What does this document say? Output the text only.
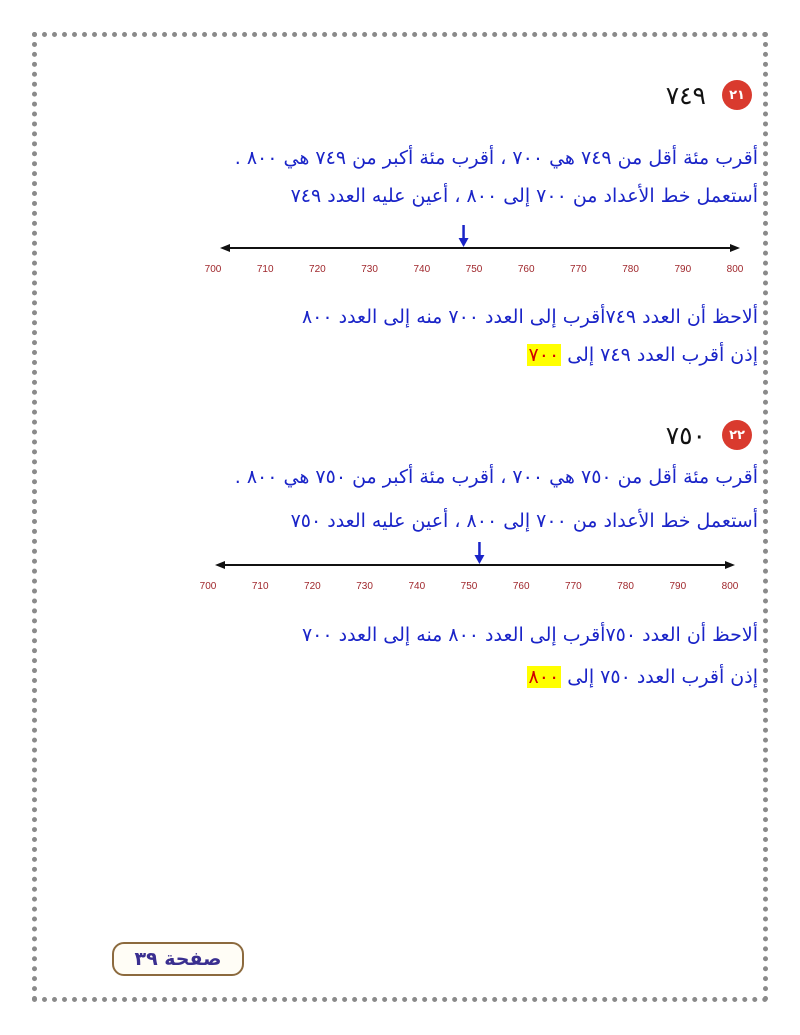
٢١
٧٤٩
أقرب مئة أقل من ٧٤٩ هي ٧٠٠ ، أقرب مئة أكبر من ٧٤٩ هي ٨٠٠ .
أستعمل خط الأعداد من ٧٠٠ إلى ٨٠٠ ، أعين عليه العدد ٧٤٩
700	710	720	730	740	750	760	770	780	790	800
ألاحظ أن العدد ٧٤٩أقرب إلى العدد ٧٠٠ منه إلى العدد ٨٠٠
إذن أقرب العدد ٧٤٩ إلى ٧٠٠
٢٢
٧٥٠
أقرب مئة أقل من ٧٥٠ هي ٧٠٠ ، أقرب مئة أكبر من ٧٥٠ هي ٨٠٠ .
أستعمل خط الأعداد من ٧٠٠ إلى ٨٠٠ ، أعين عليه العدد ٧٥٠
700	710	720	730	740	750	760	770	780	790	800
ألاحظ أن العدد ٧٥٠أقرب إلى العدد ٨٠٠ منه إلى العدد ٧٠٠
إذن أقرب العدد ٧٥٠ إلى ٨٠٠
صفحة ٣٩
